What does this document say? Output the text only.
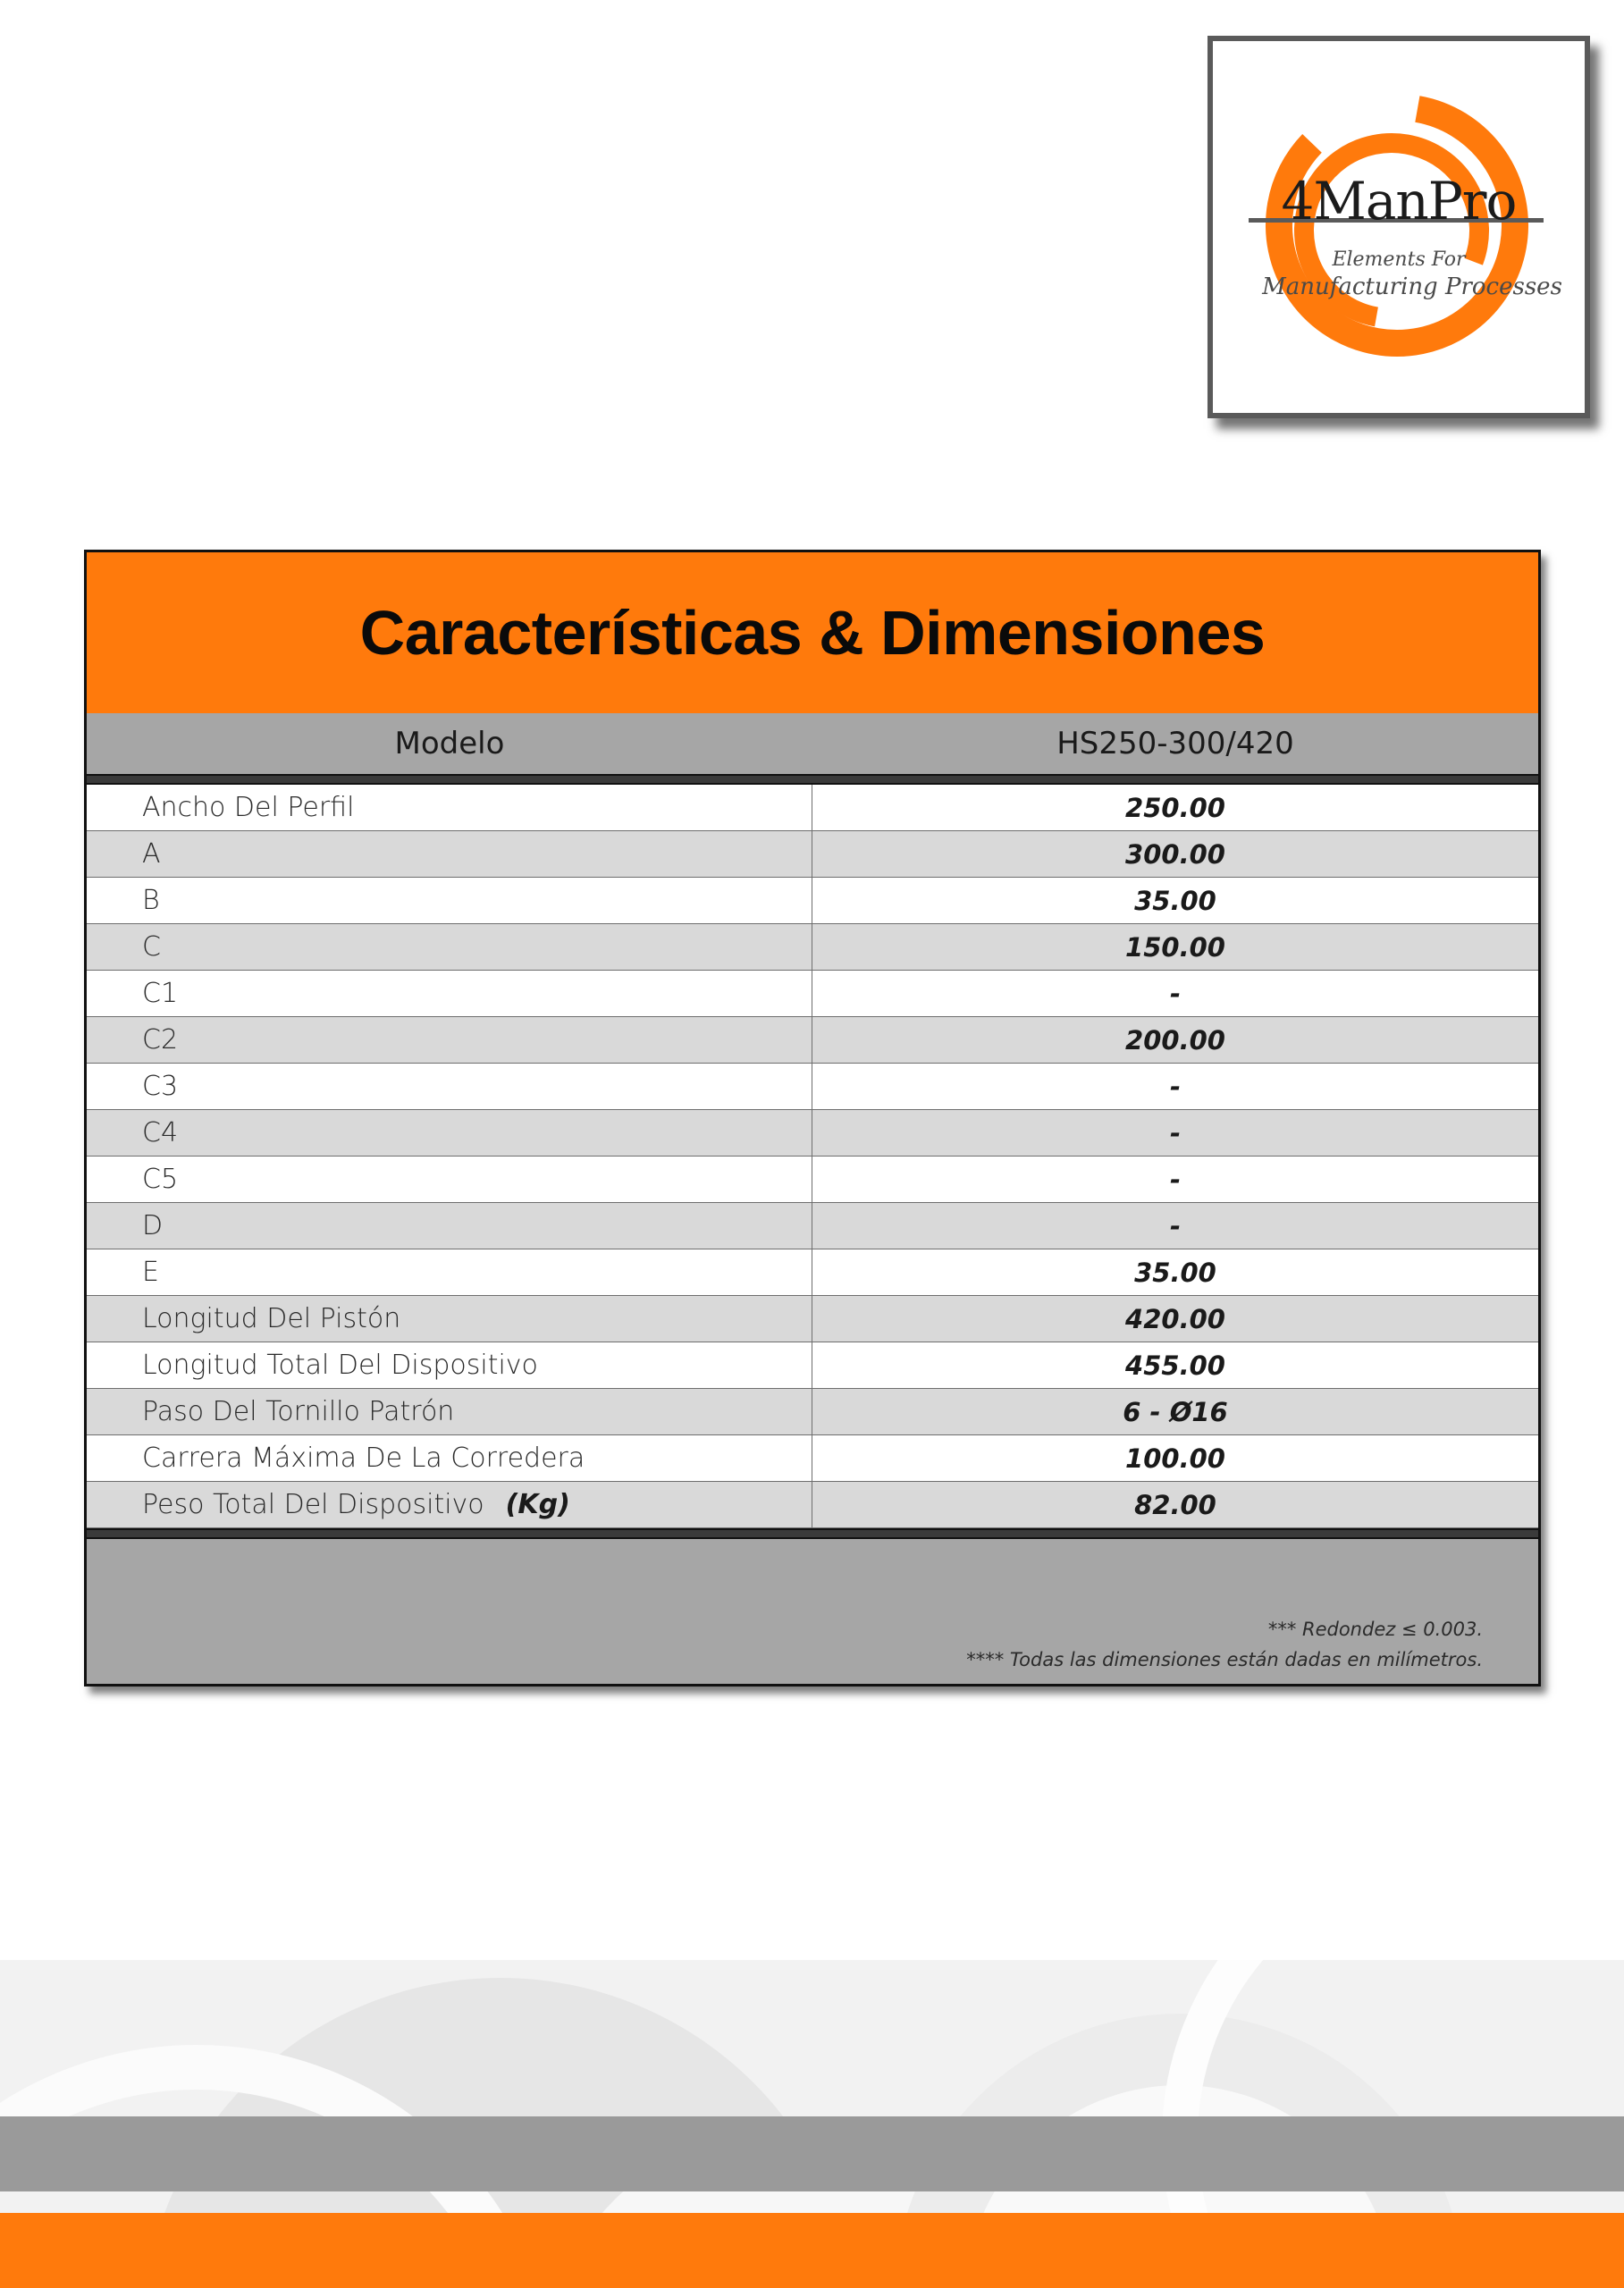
4ManPro
Elements For
Manufacturing Processes
Características & Dimensiones
Modelo	HS250-300/420
Ancho Del Perfil	250.00
A	300.00
B	35.00
C	150.00
C1	-
C2	200.00
C3	-
C4	-
C5	-
D	-
E	35.00
Longitud Del Pistón	420.00
Longitud Total Del Dispositivo	455.00
Paso Del Tornillo Patrón	6 - Ø16
Carrera Máxima De La Corredera	100.00
Peso Total Del Dispositivo (Kg)	82.00
*** Redondez ≤ 0.003.
**** Todas las dimensiones están dadas en milímetros.
